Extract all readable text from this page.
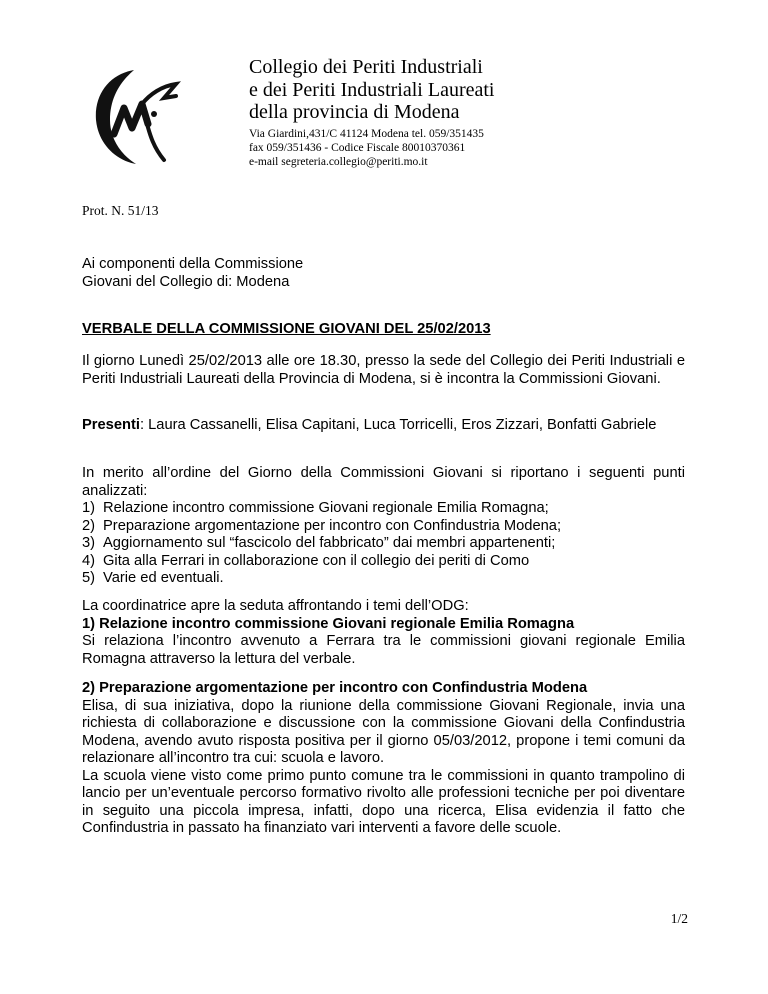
Collegio dei Periti Industriali
e dei Periti Industriali Laureati
della provincia di Modena
Via Giardini,431/C 41124 Modena tel. 059/351435
fax 059/351436 - Codice Fiscale 80010370361
e-mail segreteria.collegio@periti.mo.it
Prot. N. 51/13
Ai componenti della Commissione
Giovani del Collegio di: Modena
VERBALE DELLA COMMISSIONE GIOVANI DEL 25/02/2013

Il giorno Lunedì 25/02/2013 alle ore 18.30, presso la sede del Collegio dei Periti Industriali e Periti Industriali Laureati della Provincia di Modena, si è incontra la Commissioni Giovani.

Presenti: Laura Cassanelli, Elisa Capitani, Luca Torricelli, Eros Zizzari, Bonfatti Gabriele

In merito all’ordine del Giorno della Commissioni Giovani si riportano i seguenti punti analizzati:

1) Relazione incontro commissione Giovani regionale Emilia Romagna;
2) Preparazione argomentazione per incontro con Confindustria Modena;
3) Aggiornamento sul “fascicolo del fabbricato” dai membri appartenenti;
4) Gita alla Ferrari in collaborazione con il collegio dei periti di Como
5) Varie ed eventuali.

La coordinatrice apre la seduta affrontando i temi dell’ODG:

1) Relazione incontro commissione Giovani regionale Emilia Romagna

Si relaziona l’incontro avvenuto a Ferrara tra le commissioni giovani regionale Emilia Romagna attraverso la lettura del verbale.

2) Preparazione argomentazione per incontro con Confindustria Modena

Elisa, di sua iniziativa, dopo la riunione della commissione Giovani Regionale, invia una richiesta di collaborazione e discussione con la commissione Giovani della Confindustria Modena, avendo avuto risposta positiva per il giorno 05/03/2012, propone i temi comuni da relazionare all’incontro tra cui: scuola e lavoro.

La scuola viene visto come primo punto comune tra le commissioni in quanto trampolino di lancio per un’eventuale percorso formativo rivolto alle professioni tecniche per poi diventare in seguito una piccola impresa, infatti, dopo una ricerca, Elisa evidenzia il fatto che Confindustria in passato ha finanziato vari interventi a favore delle scuole.

1/2
